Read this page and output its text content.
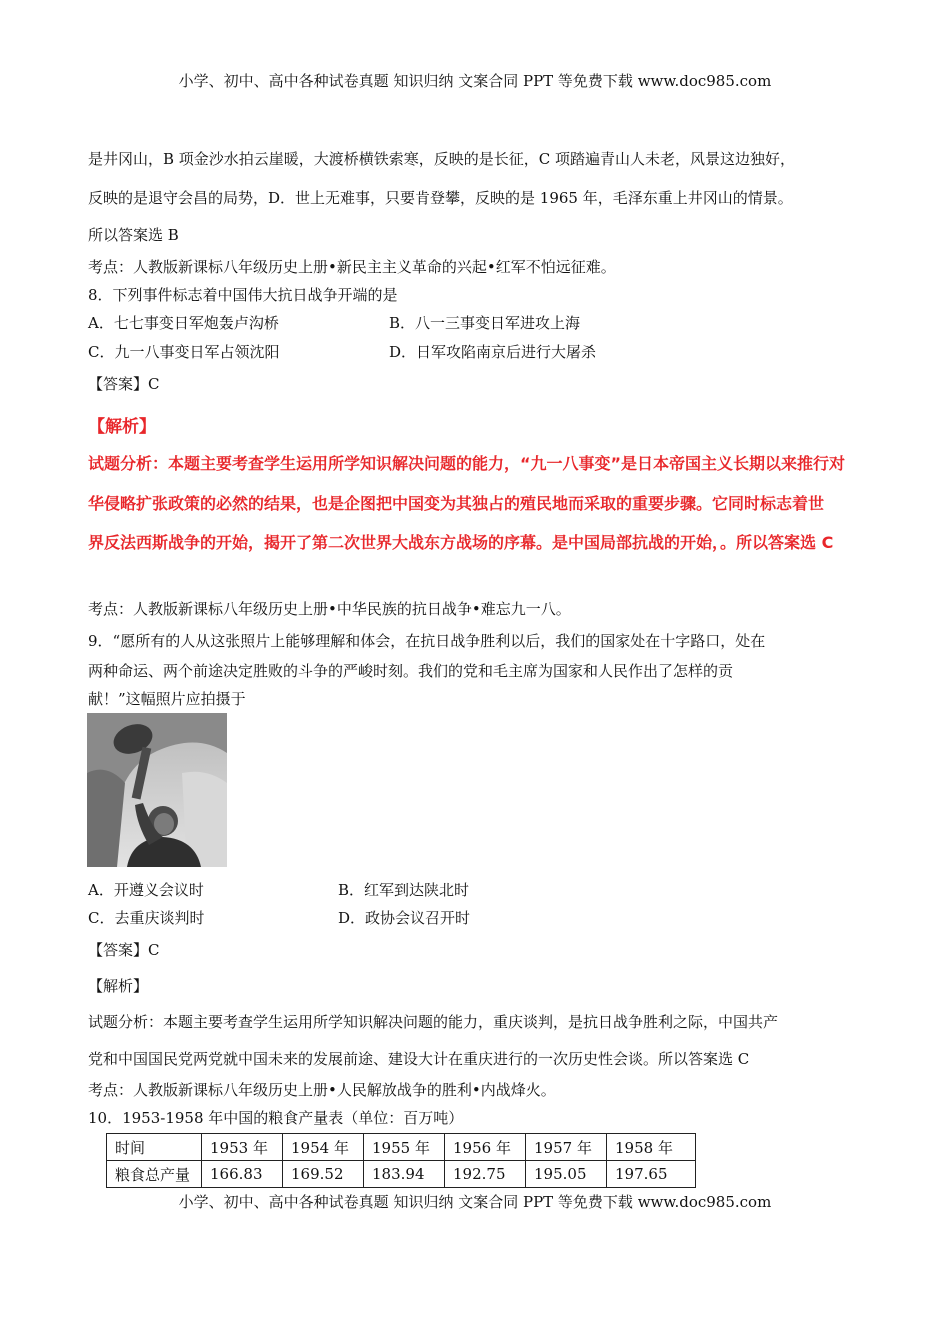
小学、初中、高中各种试卷真题 知识归纳 文案合同 PPT 等免费下载 www.doc985.com
是井冈山，B 项金沙水拍云崖暖，大渡桥横铁索寒，反映的是长征，C 项踏遍青山人未老，风景这边独好，
反映的是退守会昌的局势，D．世上无难事，只要肯登攀，反映的是 1965 年，毛泽东重上井冈山的情景。
所以答案选 B
考点：人教版新课标八年级历史上册•新民主主义革命的兴起•红军不怕远征难。
8．下列事件标志着中国伟大抗日战争开端的是
A．七七事变日军炮轰卢沟桥	B．八一三事变日军进攻上海
C．九一八事变日军占领沈阳	D．日军攻陷南京后进行大屠杀
【答案】C
【解析】
试题分析：本题主要考查学生运用所学知识解决问题的能力，“九一八事变”是日本帝国主义长期以来推行对
华侵略扩张政策的必然的结果，也是企图把中国变为其独占的殖民地而采取的重要步骤。它同时标志着世
界反法西斯战争的开始，揭开了第二次世界大战东方战场的序幕。是中国局部抗战的开始，。所以答案选 C
考点：人教版新课标八年级历史上册•中华民族的抗日战争•难忘九一八。
9．“愿所有的人从这张照片上能够理解和体会，在抗日战争胜利以后，我们的国家处在十字路口，处在
两种命运、两个前途决定胜败的斗争的严峻时刻。我们的党和毛主席为国家和人民作出了怎样的贡
献！”这幅照片应拍摄于
A．开遵义会议时	B．红军到达陕北时
C．去重庆谈判时	D．政协会议召开时
【答案】C
【解析】
试题分析：本题主要考查学生运用所学知识解决问题的能力，重庆谈判，是抗日战争胜利之际，中国共产
党和中国国民党两党就中国未来的发展前途、建设大计在重庆进行的一次历史性会谈。所以答案选 C
考点：人教版新课标八年级历史上册•人民解放战争的胜利•内战烽火。
10．1953-1958 年中国的粮食产量表（单位：百万吨）
时间	1953 年	1954 年	1955 年	1956 年	1957 年	1958 年
粮食总产量	166.83	169.52	183.94	192.75	195.05	197.65
小学、初中、高中各种试卷真题 知识归纳 文案合同 PPT 等免费下载 www.doc985.com
